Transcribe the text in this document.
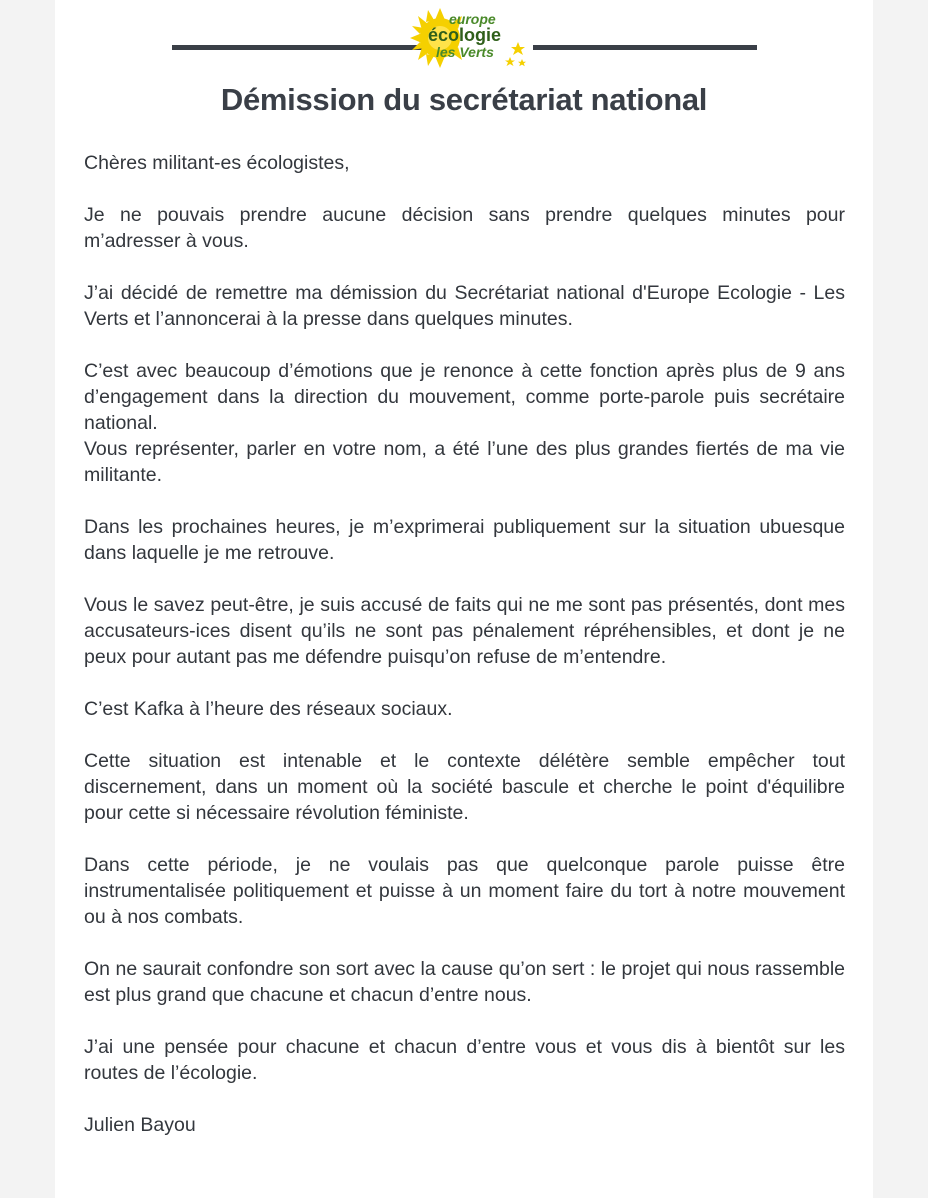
europe
écologie
les Verts
Démission du secrétariat national

Chères militant-es écologistes,

Je ne pouvais prendre aucune décision sans prendre quelques minutes pour m’adresser à vous.

J’ai décidé de remettre ma démission du Secrétariat national d'Europe Ecologie - Les Verts et l’annoncerai à la presse dans quelques minutes.

C’est avec beaucoup d’émotions que je renonce à cette fonction après plus de 9 ans d’engagement dans la direction du mouvement, comme porte-parole puis secrétaire national.

Vous représenter, parler en votre nom, a été l’une des plus grandes fiertés de ma vie militante.

Dans les prochaines heures, je m’exprimerai publiquement sur la situation ubuesque dans laquelle je me retrouve.

Vous le savez peut-être, je suis accusé de faits qui ne me sont pas présentés, dont mes accusateurs-ices disent qu’ils ne sont pas pénalement répréhensibles, et dont je ne peux pour autant pas me défendre puisqu’on refuse de m’entendre.

C’est Kafka à l’heure des réseaux sociaux.

Cette situation est intenable et le contexte délétère semble empêcher tout discernement, dans un moment où la société bascule et cherche le point d'équilibre pour cette si nécessaire révolution féministe.

Dans cette période, je ne voulais pas que quelconque parole puisse être instrumentalisée politiquement et puisse à un moment faire du tort à notre mouvement ou à nos combats.

On ne saurait confondre son sort avec la cause qu’on sert : le projet qui nous rassemble est plus grand que chacune et chacun d’entre nous.

J’ai une pensée pour chacune et chacun d’entre vous et vous dis à bientôt sur les routes de l’écologie.

Julien Bayou
